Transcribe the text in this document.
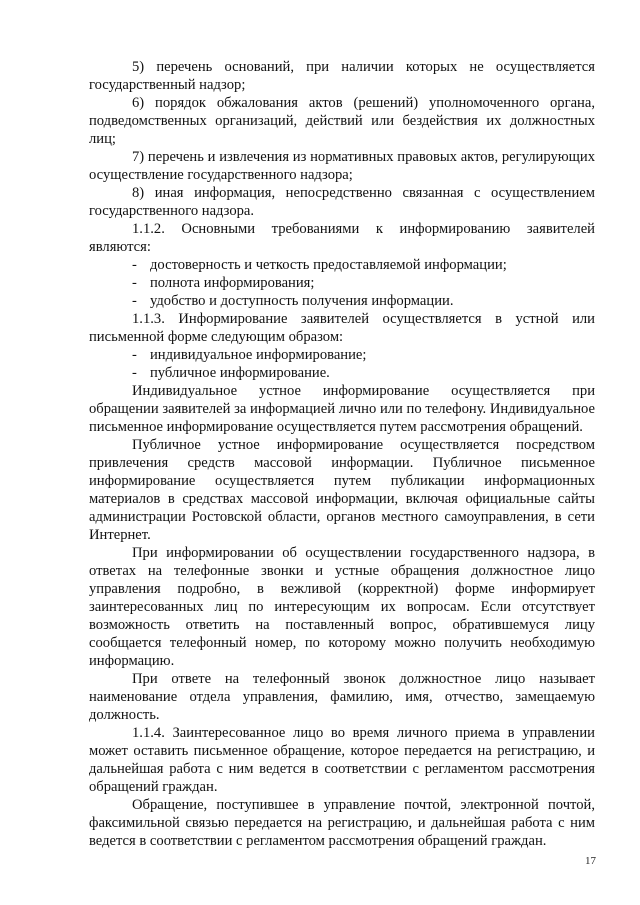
5) перечень оснований, при наличии которых не осуществляется государственный надзор;

6) порядок обжалования актов (решений) уполномоченного органа, подведомственных организаций, действий или бездействия их должностных лиц;

7) перечень и извлечения из нормативных правовых актов, регулирующих осуществление государственного надзора;

8) иная информация, непосредственно связанная с осуществлением государственного надзора.

1.1.2. Основными требованиями к информированию заявителей являются:

- достоверность и четкость предоставляемой информации;
- полнота информирования;
- удобство и доступность получения информации.

1.1.3. Информирование заявителей осуществляется в устной или письменной форме следующим образом:

- индивидуальное информирование;
- публичное информирование.

Индивидуальное устное информирование осуществляется при обращении заявителей за информацией лично или по телефону. Индивидуальное письменное информирование осуществляется путем рассмотрения обращений.

Публичное устное информирование осуществляется посредством привлечения средств массовой информации. Публичное письменное информирование осуществляется путем публикации информационных материалов в средствах массовой информации, включая официальные сайты администрации Ростовской области, органов местного самоуправления, в сети Интернет.

При информировании об осуществлении государственного надзора, в ответах на телефонные звонки и устные обращения должностное лицо управления подробно, в вежливой (корректной) форме информирует заинтересованных лиц по интересующим их вопросам. Если отсутствует возможность ответить на поставленный вопрос, обратившемуся лицу сообщается телефонный номер, по которому можно получить необходимую информацию.

При ответе на телефонный звонок должностное лицо называет наименование отдела управления, фамилию, имя, отчество, замещаемую должность.

1.1.4. Заинтересованное лицо во время личного приема в управлении может оставить письменное обращение, которое передается на регистрацию, и дальнейшая работа с ним ведется в соответствии с регламентом рассмотрения обращений граждан.

Обращение, поступившее в управление почтой, электронной почтой, факсимильной связью передается на регистрацию, и дальнейшая работа с ним ведется в соответствии с регламентом рассмотрения обращений граждан.

17
